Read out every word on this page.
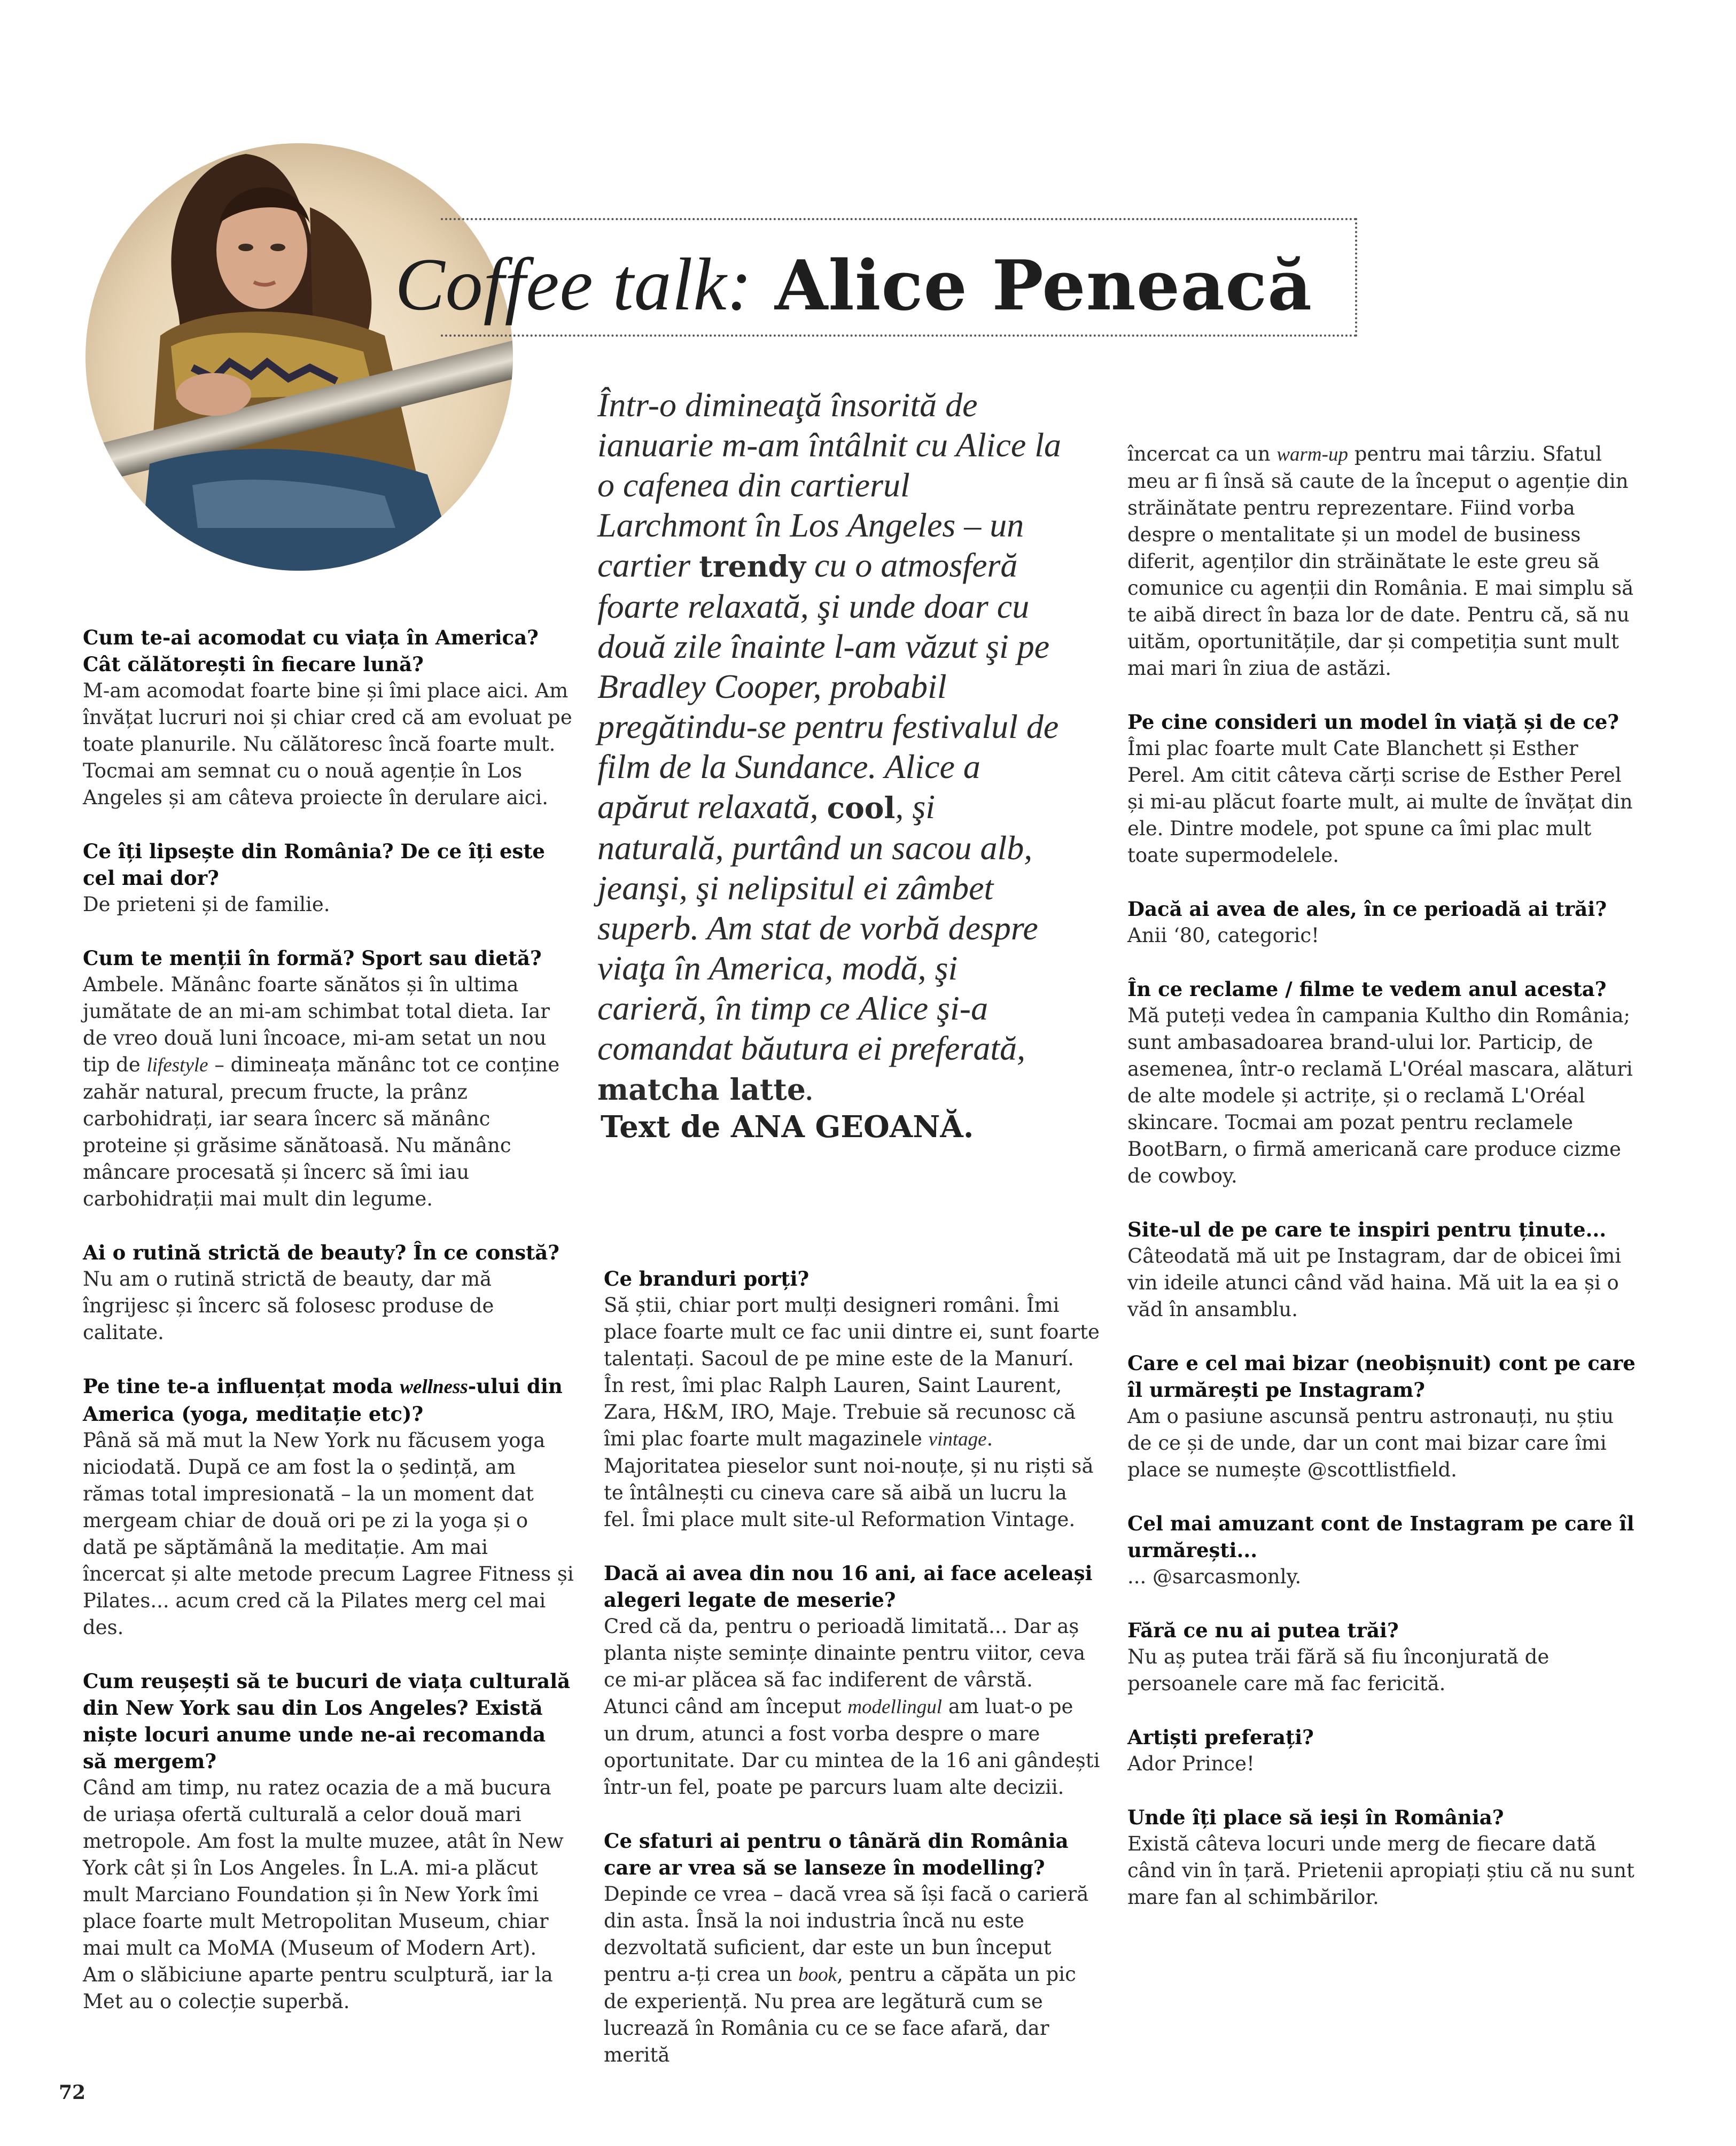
Coffee talk: Alice Peneacă

Într-o dimineaţă însorită de ianuarie m-am întâlnit cu Alice la o cafenea din cartierul Larchmont în Los Angeles – un cartier trendy cu o atmosferă foarte relaxată, şi unde doar cu două zile înainte l-am văzut şi pe Bradley Cooper, probabil pregătindu-se pentru festivalul de film de la Sundance. Alice a apărut relaxată, cool, şi naturală, purtând un sacou alb, jeanşi, şi nelipsitul ei zâmbet superb. Am stat de vorbă despre viaţa în America, modă, şi carieră, în timp ce Alice şi-a comandat băutura ei preferată, matcha latte.

Text de ANA GEOANĂ.

Cum te-ai acomodat cu viața în America? Cât călătorești în fiecare lună?

M-am acomodat foarte bine și îmi place aici. Am învățat lucruri noi și chiar cred că am evoluat pe toate planurile. Nu călătoresc încă foarte mult. Tocmai am semnat cu o nouă agenție în Los Angeles și am câteva proiecte în derulare aici.

Ce îți lipsește din România? De ce îți este cel mai dor?

De prieteni și de familie.

Cum te menții în formă? Sport sau dietă?

Ambele. Mănânc foarte sănătos și în ultima jumătate de an mi-am schimbat total dieta. Iar de vreo două luni încoace, mi-am setat un nou tip de lifestyle – dimineața mănânc tot ce conține zahăr natural, precum fructe, la prânz carbohidrați, iar seara încerc să mănânc proteine și grăsime sănătoasă. Nu mănânc mâncare procesată și încerc să îmi iau carbohidrații mai mult din legume.

Ai o rutină strictă de beauty? În ce constă?

Nu am o rutină strictă de beauty, dar mă îngrijesc și încerc să folosesc produse de calitate.

Pe tine te-a influențat moda wellness-ului din America (yoga, meditație etc)?

Până să mă mut la New York nu făcusem yoga niciodată. După ce am fost la o ședință, am rămas total impresionată – la un moment dat mergeam chiar de două ori pe zi la yoga și o dată pe săptămână la meditație. Am mai încercat și alte metode precum Lagree Fitness și Pilates... acum cred că la Pilates merg cel mai des.

Cum reușești să te bucuri de viața culturală din New York sau din Los Angeles? Există niște locuri anume unde ne-ai recomanda să mergem?

Când am timp, nu ratez ocazia de a mă bucura de uriașa ofertă culturală a celor două mari metropole. Am fost la multe muzee, atât în New York cât și în Los Angeles. În L.A. mi-a plăcut mult Marciano Foundation și în New York îmi place foarte mult Metropolitan Museum, chiar mai mult ca MoMA (Museum of Modern Art). Am o slăbiciune aparte pentru sculptură, iar la Met au o colecție superbă.

Ce branduri porți?

Să știi, chiar port mulți designeri români. Îmi place foarte mult ce fac unii dintre ei, sunt foarte talentați. Sacoul de pe mine este de la Manurí. În rest, îmi plac Ralph Lauren, Saint Laurent, Zara, H&M, IRO, Maje. Trebuie să recunosc că îmi plac foarte mult magazinele vintage. Majoritatea pieselor sunt noi-nouțe, și nu riști să te întâlnești cu cineva care să aibă un lucru la fel. Îmi place mult site-ul Reformation Vintage.

Dacă ai avea din nou 16 ani, ai face aceleași alegeri legate de meserie?

Cred că da, pentru o perioadă limitată... Dar aș planta niște semințe dinainte pentru viitor, ceva ce mi-ar plăcea să fac indiferent de vârstă. Atunci când am început modellingul am luat-o pe un drum, atunci a fost vorba despre o mare oportunitate. Dar cu mintea de la 16 ani gândești într-un fel, poate pe parcurs luam alte decizii.

Ce sfaturi ai pentru o tânără din România care ar vrea să se lanseze în modelling?

Depinde ce vrea – dacă vrea să își facă o carieră din asta. Însă la noi industria încă nu este dezvoltată suficient, dar este un bun început pentru a-ți crea un book, pentru a căpăta un pic de experiență. Nu prea are legătură cum se lucrează în România cu ce se face afară, dar merită

încercat ca un warm-up pentru mai târziu. Sfatul meu ar fi însă să caute de la început o agenție din străinătate pentru reprezentare. Fiind vorba despre o mentalitate și un model de business diferit, agenților din străinătate le este greu să comunice cu agenții din România. E mai simplu să te aibă direct în baza lor de date. Pentru că, să nu uităm, oportunitățile, dar și competiția sunt mult mai mari în ziua de astăzi.

Pe cine consideri un model în viață și de ce?

Îmi plac foarte mult Cate Blanchett și Esther Perel. Am citit câteva cărți scrise de Esther Perel și mi-au plăcut foarte mult, ai multe de învățat din ele. Dintre modele, pot spune ca îmi plac mult toate supermodelele.

Dacă ai avea de ales, în ce perioadă ai trăi?

Anii ‘80, categoric!

În ce reclame / filme te vedem anul acesta?

Mă puteți vedea în campania Kultho din România; sunt ambasadoarea brand-ului lor. Particip, de asemenea, într-o reclamă L'Oréal mascara, alături de alte modele și actrițe, și o reclamă L'Oréal skincare. Tocmai am pozat pentru reclamele BootBarn, o firmă americană care produce cizme de cowboy.

Site-ul de pe care te inspiri pentru ținute...

Câteodată mă uit pe Instagram, dar de obicei îmi vin ideile atunci când văd haina. Mă uit la ea și o văd în ansamblu.

Care e cel mai bizar (neobișnuit) cont pe care îl urmărești pe Instagram?

Am o pasiune ascunsă pentru astronauți, nu știu de ce și de unde, dar un cont mai bizar care îmi place se numește @scottlistfield.

Cel mai amuzant cont de Instagram pe care îl urmărești...

... @sarcasmonly.

Fără ce nu ai putea trăi?

Nu aș putea trăi fără să fiu înconjurată de persoanele care mă fac fericită.

Artiști preferați?

Ador Prince!

Unde îți place să ieși în România?

Există câteva locuri unde merg de fiecare dată când vin în țară. Prietenii apropiați știu că nu sunt mare fan al schimbărilor.

72
